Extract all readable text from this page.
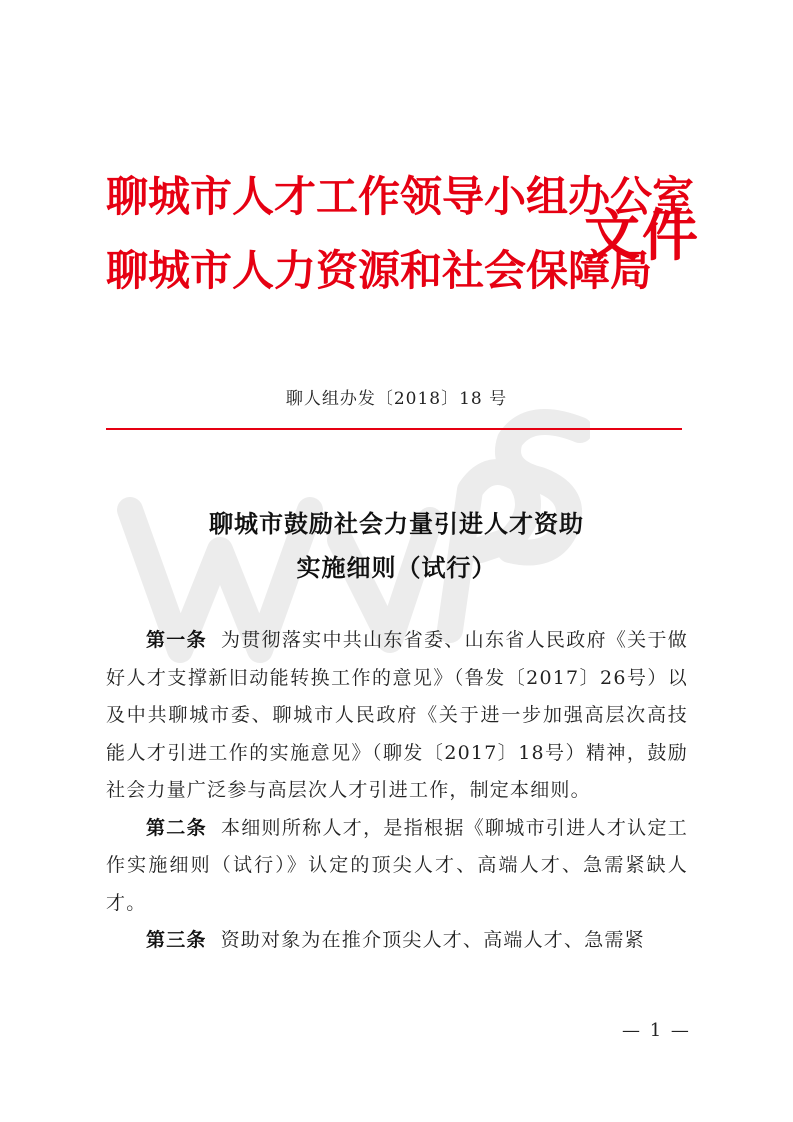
聊城市人才工作领导小组办公室
聊城市人力资源和社会保障局
文件
聊人组办发〔2018〕18 号
聊城市鼓励社会力量引进人才资助
实施细则（试行）

第一条 为贯彻落实中共山东省委、山东省人民政府《关于做好人才支撑新旧动能转换工作的意见》（鲁发〔2017〕26号）以及中共聊城市委、聊城市人民政府《关于进一步加强高层次高技能人才引进工作的实施意见》（聊发〔2017〕18号）精神，鼓励社会力量广泛参与高层次人才引进工作，制定本细则。

第二条 本细则所称人才，是指根据《聊城市引进人才认定工作实施细则（试行）》认定的顶尖人才、高端人才、急需紧缺人才。

第三条 资助对象为在推介顶尖人才、高端人才、急需紧

— 1 —
